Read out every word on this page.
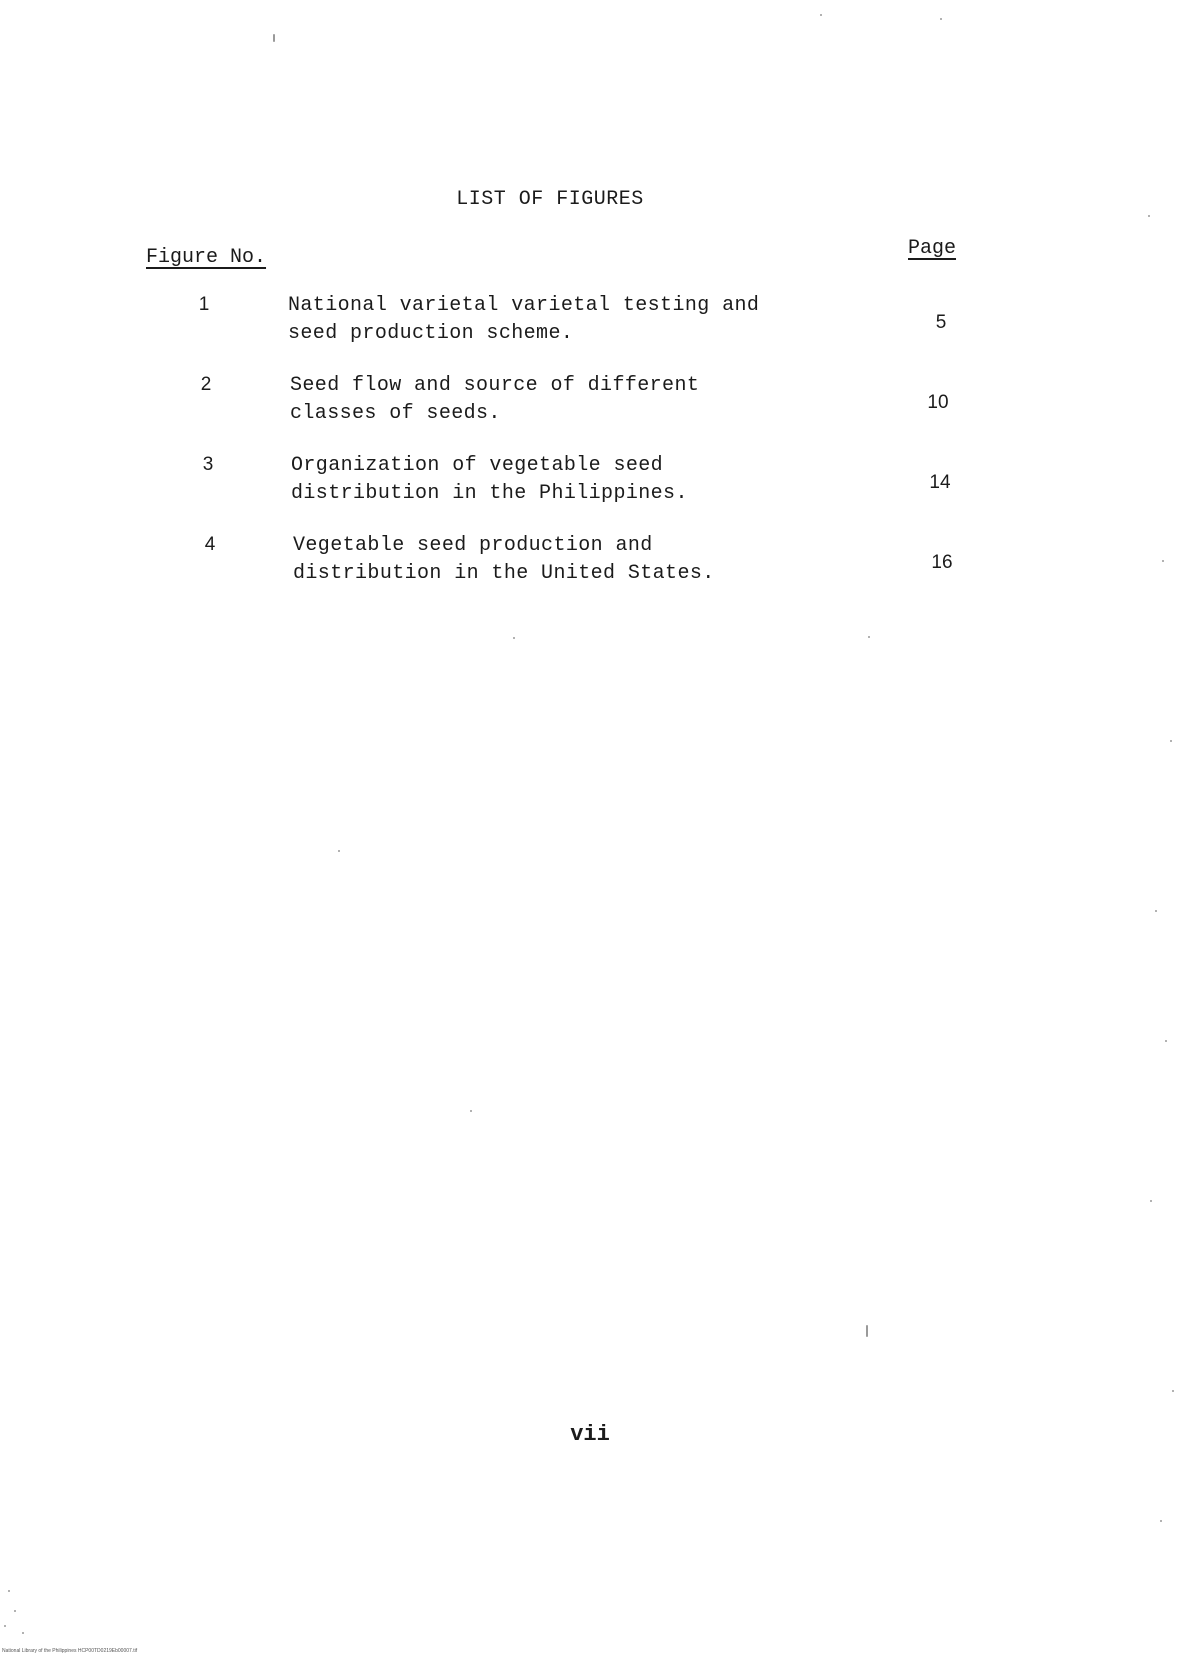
LIST OF FIGURES
Figure No.	Page
1	National varietal varietal testing and
seed production scheme.	5
2	Seed flow and source of different
classes of seeds.	10
3	Organization of vegetable seed
distribution in the Philippines.	14
4	Vegetable seed production and
distribution in the United States.	16
vii
National Library of the Philippines HCP00TD0219Eb00007.tif
